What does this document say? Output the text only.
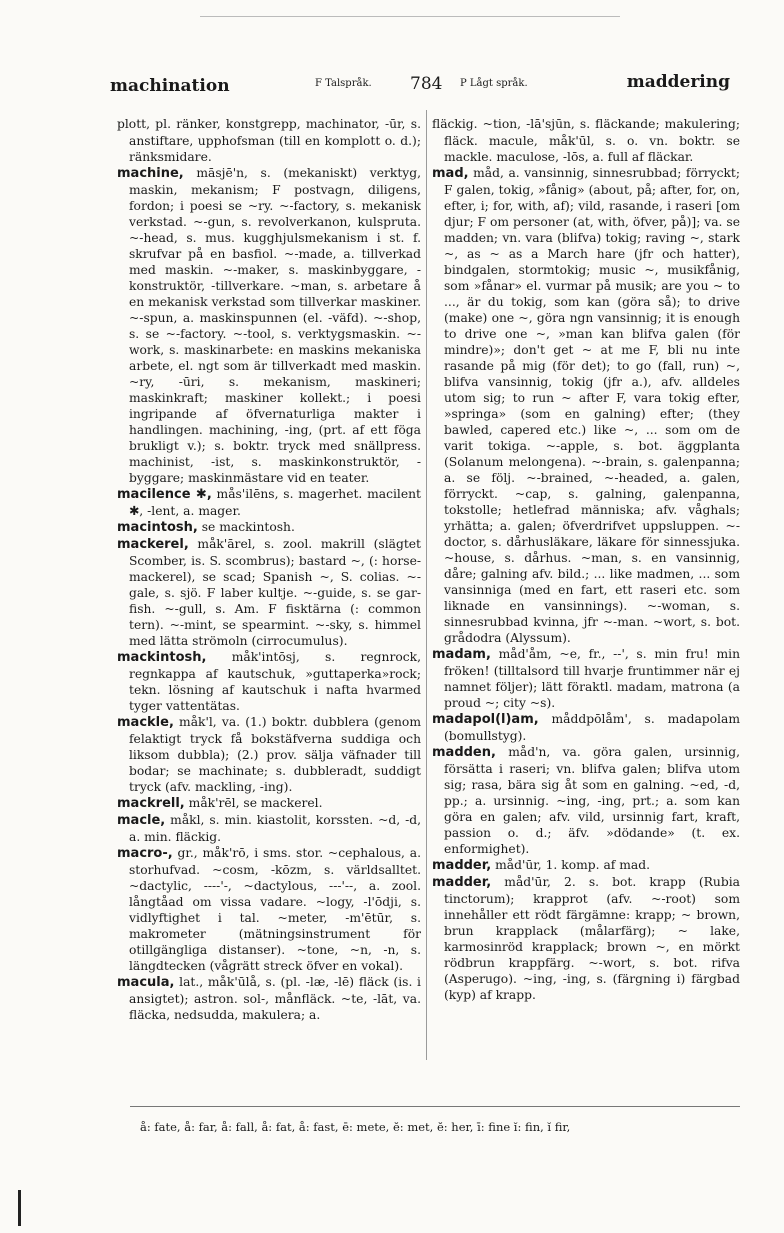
machination	F Talspråk. 784 P Lågt språk.	maddering

plott, pl. ränker, konstgrepp, machinator, -ūr, s. anstiftare, upphofsman (till en komplott o. d.); ränksmidare.

machine, māsjē'n, s. (mekaniskt) verktyg, maskin, mekanism; F postvagn, diligens, fordon; i poesi se ~ry. ~-factory, s. mekanisk verkstad. ~-gun, s. revolverkanon, kulspruta. ~-head, s. mus. kugghjulsmekanism i st. f. skrufvar på en basfiol. ~-made, a. tillverkad med maskin. ~-maker, s. maskinbyggare, -konstruktör, -tillverkare. ~man, s. arbetare å en mekanisk verkstad som tillverkar maskiner. ~-spun, a. maskinspunnen (el. -väfd). ~-shop, s. se ~-factory. ~-tool, s. verktygsmaskin. ~-work, s. maskinarbete: en maskins mekaniska arbete, el. ngt som är tillverkadt med maskin. ~ry, -ūri, s. mekanism, maskineri; maskinkraft; maskiner kollekt.; i poesi ingripande af öfvernaturliga makter i handlingen. machining, -ing, (prt. af ett föga brukligt v.); s. boktr. tryck med snällpress. machinist, -ist, s. maskinkonstruktör, -byggare; maskinmästare vid en teater.

macilence ✱, mås'ilēns, s. magerhet. macilent ✱, -lent, a. mager.

macintosh, se mackintosh.

mackerel, måk'ārel, s. zool. makrill (slägtet Scomber, is. S. scombrus); bastard ~, (: horse-mackerel), se scad; Spanish ~, S. colias. ~-gale, s. sjö. F laber kultje. ~-guide, s. se gar-fish. ~-gull, s. Am. F fisktärna (: common tern). ~-mint, se spearmint. ~-sky, s. himmel med lätta strömoln (cirrocumulus).

mackintosh, måk'intōsj, s. regnrock, regnkappa af kautschuk, »guttaperka»rock; tekn. lösning af kautschuk i nafta hvarmed tyger vattentätas.

mackle, måk'l, va. (1.) boktr. dubblera (genom felaktigt tryck få bokstäfverna suddiga och liksom dubbla); (2.) prov. sälja väfnader till bodar; se machinate; s. dubbleradt, suddigt tryck (afv. mackling, -ing).

mackrell, måk'rēl, se mackerel.

macle, måkl, s. min. kiastolit, korssten. ~d, -d, a. min. fläckig.

macro-, gr., måk'rō, i sms. stor. ~cephalous, a. storhufvad. ~cosm, -kōzm, s. världsalltet. ~dactylic, ----'-, ~dactylous, ---'--, a. zool. långtåad om vissa vadare. ~logy, -l'ōdji, s. vidlyftighet i tal. ~meter, -m'ētūr, s. makrometer (mätningsinstrument för otillgängliga distanser). ~tone, ~n, -n, s. längdtecken (vågrätt streck öfver en vokal).

macula, lat., måk'ūlå, s. (pl. -læ, -lē) fläck (is. i ansigtet); astron. sol-, månfläck. ~te, -lāt, va. fläcka, nedsudda, makulera; a.

fläckig. ~tion, -lā'sjūn, s. fläckande; makulering; fläck. macule, måk'ūl, s. o. vn. boktr. se mackle. maculose, -lōs, a. full af fläckar.

mad, måd, a. vansinnig, sinnesrubbad; förryckt; F galen, tokig, »fånig» (about, på; after, for, on, efter, i; for, with, af); vild, rasande, i raseri [om djur; F om personer (at, with, öfver, på)]; va. se madden; vn. vara (blifva) tokig; raving ~, stark ~, as ~ as a March hare (jfr och hatter), bindgalen, stormtokig; music ~, musikfånig, som »fånar» el. vurmar på musik; are you ~ to ..., är du tokig, som kan (göra så); to drive (make) one ~, göra ngn vansinnig; it is enough to drive one ~, »man kan blifva galen (för mindre)»; don't get ~ at me F, bli nu inte rasande på mig (för det); to go (fall, run) ~, blifva vansinnig, tokig (jfr a.), afv. alldeles utom sig; to run ~ after F, vara tokig efter, »springa» (som en galning) efter; (they bawled, capered etc.) like ~, ... som om de varit tokiga. ~-apple, s. bot. äggplanta (Solanum melongena). ~-brain, s. galenpanna; a. se följ. ~-brained, ~-headed, a. galen, förryckt. ~cap, s. galning, galenpanna, tokstolle; hetlefrad människa; afv. våghals; yrhätta; a. galen; öfverdrifvet uppsluppen. ~-doctor, s. dårhusläkare, läkare för sinnessjuka. ~house, s. dårhus. ~man, s. en vansinnig, dåre; galning afv. bild.; ... like madmen, ... som vansinniga (med en fart, ett raseri etc. som liknade en vansinnings). ~-woman, s. sinnesrubbad kvinna, jfr ~-man. ~wort, s. bot. grådodra (Alyssum).

madam, måd'åm, ~e, fr., --', s. min fru! min fröken! (tilltalsord till hvarje fruntimmer när ej namnet följer); lätt föraktl. madam, matrona (a proud ~; city ~s).

madapol(l)am, måddpōlåm', s. madapolam (bomullstyg).

madden, måd'n, va. göra galen, ursinnig, försätta i raseri; vn. blifva galen; blifva utom sig; rasa, bära sig åt som en galning. ~ed, -d, pp.; a. ursinnig. ~ing, -ing, prt.; a. som kan göra en galen; afv. vild, ursinnig fart, kraft, passion o. d.; äfv. »dödande» (t. ex. enformighet).

madder, måd'ūr, 1. komp. af mad.

madder, måd'ūr, 2. s. bot. krapp (Rubia tinctorum); krapprot (afv. ~-root) som innehåller ett rödt färgämne: krapp; ~ brown, brun krapplack (målarfärg); ~ lake, karmosinröd krapplack; brown ~, en mörkt rödbrun krappfärg. ~-wort, s. bot. rifva (Asperugo). ~ing, -ing, s. (färgning i) färgbad (kyp) af krapp.

å: fate, å: far, å: fall, å: fat, å: fast, ē: mete, ĕ: met, ĕ: her, ī: fine ĭ: fin, ĭ fir,
